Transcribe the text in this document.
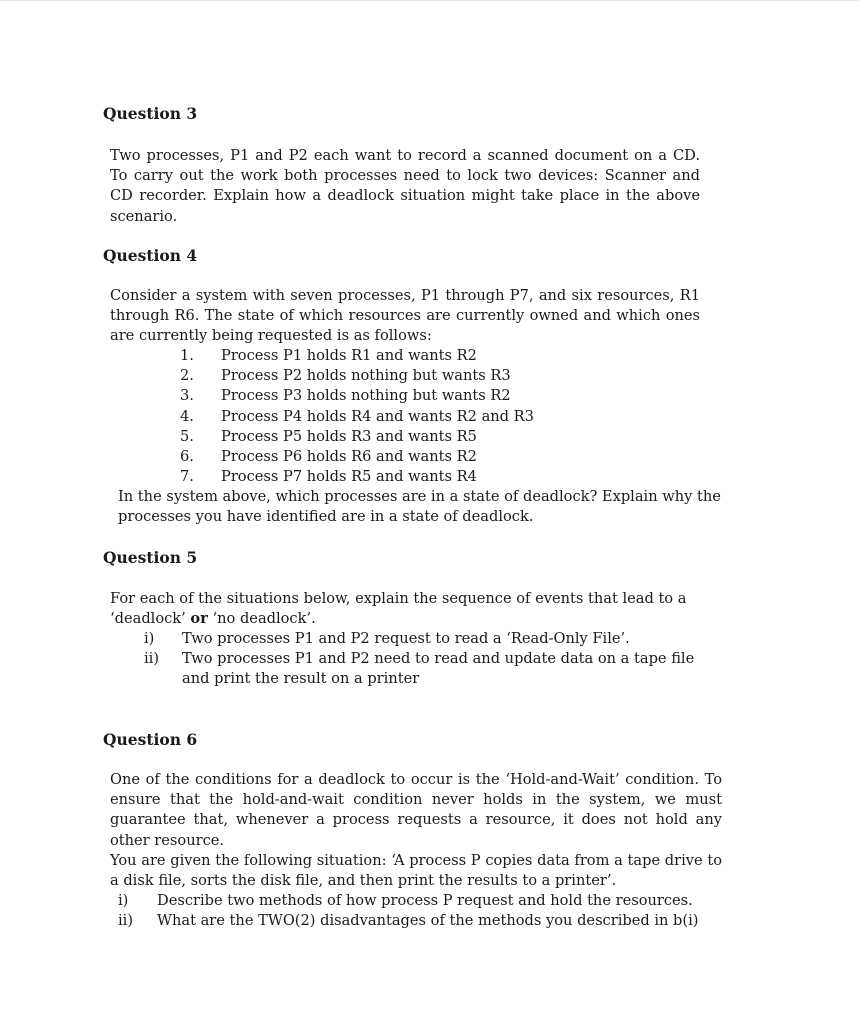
Question 3

Two processes, P1 and P2 each want to record a scanned document on a CD. To carry out the work both processes need to lock two devices: Scanner and CD recorder. Explain how a deadlock situation might take place in the above scenario.

Question 4

Consider a system with seven processes, P1 through P7, and six resources, R1 through R6. The state of which resources are currently owned and which ones are currently being requested is as follows:

1.	Process P1 holds R1 and wants R2
2.	Process P2 holds nothing but wants R3
3.	Process P3 holds nothing but wants R2
4.	Process P4 holds R4 and wants R2 and R3
5.	Process P5 holds R3 and wants R5
6.	Process P6 holds R6 and wants R2
7.	Process P7 holds R5 and wants R4

In the system above, which processes are in a state of deadlock? Explain why the processes you have identified are in a state of deadlock.

Question 5

For each of the situations below, explain the sequence of events that lead to a ‘deadlock’ or ‘no deadlock’.

i)	Two processes P1 and P2 request to read a ‘Read-Only File’.
ii)	Two processes P1 and P2 need to read and update data on a tape file and print the result on a printer
Question 6

One of the conditions for a deadlock to occur is the ‘Hold-and-Wait’ condition. To ensure that the hold-and-wait condition never holds in the system, we must guarantee that, whenever a process requests a resource, it does not hold any other resource.

You are given the following situation: ‘A process P copies data from a tape drive to a disk file, sorts the disk file, and then print the results to a printer’.

i)	Describe two methods of how process P request and hold the resources.
ii)	What are the TWO(2) disadvantages of the methods you described in b(i)
